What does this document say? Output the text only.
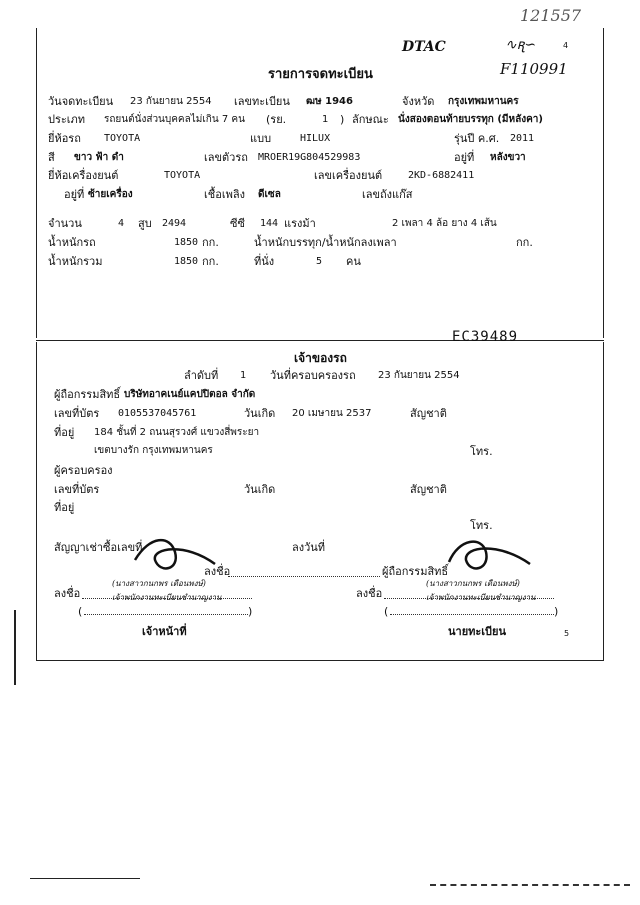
121557
DTAC	∿ꭆ∽	4
F110991
รายการจดทะเบียน
วันจดทะเบียน 23 กันยายน 2554 เลขทะเบียน ฒษ 1946	จังหวัด กรุงเทพมหานคร
ประเภท รถยนต์นั่งส่วนบุคคลไม่เกิน 7 คน (รย.	1 ) ลักษณะ นั่งสองตอนท้ายบรรทุก (มีหลังคา)
ยี่ห้อรถ TOYOTA	แบบ	HILUX	รุ่นปี ค.ศ. 2011
สี ขาว ฟ้า ดำ	เลขตัวรถ MROER19G804529983	อยู่ที่ หลังขวา
ยี่ห้อเครื่องยนต์	TOYOTA	เลขเครื่องยนต์	2KD-6882411
อยู่ที่ ซ้ายเครื่อง	เชื้อเพลิง ดีเซล	เลขถังแก๊ส
จำนวน	4 สูบ 2494	ซีซี 144 แรงม้า	2 เพลา 4 ล้อ ยาง 4 เส้น
น้ำหนักรถ	1850 กก.	น้ำหนักบรรทุก/น้ำหนักลงเพลา	กก.
น้ำหนักรวม	1850 กก.	ที่นั่ง	5 คน
EC39489
เจ้าของรถ
ลำดับที่ 1 วันที่ครอบครองรถ 23 กันยายน 2554
ผู้ถือกรรมสิทธิ์ บริษัทอาคเนย์แคปปิตอล จำกัด
เลขที่บัตร 0105537045761	วันเกิด 20 เมษายน 2537	สัญชาติ
ที่อยู่ 184 ชั้นที่ 2 ถนนสุรวงศ์ แขวงสี่พระยา
เขตบางรัก กรุงเทพมหานคร	โทร.
ผู้ครอบครอง
เลขที่บัตร	วันเกิด	สัญชาติ
ที่อยู่
โทร.
สัญญาเช่าซื้อเลขที่	ลงวันที่
ลงชื่อ	ผู้ถือกรรมสิทธิ์
(นางสาวกนกพร เดือนพงษ์)	(นางสาวกนกพร เดือนพงษ์)
ลงชื่อ	ลงชื่อ
เจ้าพนักงานทะเบียนชำนาญงาน	เจ้าพนักงานทะเบียนชำนาญงาน
(	)	(	)
เจ้าหน้าที่	นายทะเบียน	5
